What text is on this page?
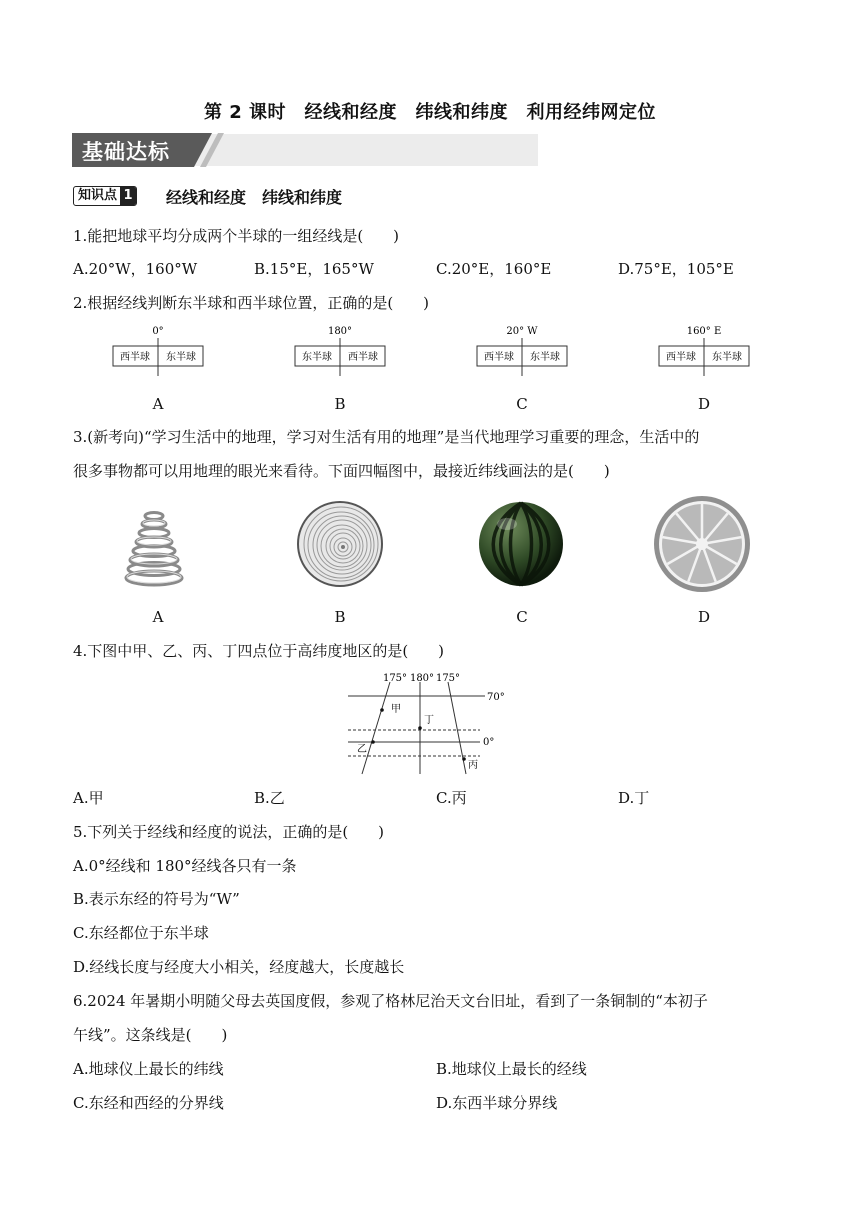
第 2 课时　经线和经度　纬线和纬度　利用经纬网定位
基础达标
知识点 1 经线和经度　纬线和纬度
1.能把地球平均分成两个半球的一组经线是(　　)
A.20°W，160°W	B.15°E，165°W	C.20°E，160°E	D.75°E，105°E
2.根据经线判断东半球和西半球位置，正确的是(　　)
0°
西半球 东半球
180°
东半球 西半球
20° W
西半球 东半球
160° E
西半球 东半球
A	B	C	D
3.(新考向)“学习生活中的地理，学习对生活有用的地理”是当代地理学习重要的理念，生活中的
很多事物都可以用地理的眼光来看待。下面四幅图中，最接近纬线画法的是(　　)
A	B	C	D
4.下图中甲、乙、丙、丁四点位于高纬度地区的是(　　)
175° 180° 175°
70°
0°
甲
乙
丙
丁
A.甲	B.乙	C.丙	D.丁
5.下列关于经线和经度的说法，正确的是(　　)
A.0°经线和 180°经线各只有一条
B.表示东经的符号为“W”
C.东经都位于东半球
D.经线长度与经度大小相关，经度越大，长度越长
6.2024 年暑期小明随父母去英国度假，参观了格林尼治天文台旧址，看到了一条铜制的“本初子
午线”。这条线是(　　)
A.地球仪上最长的纬线	B.地球仪上最长的经线
C.东经和西经的分界线	D.东西半球分界线
